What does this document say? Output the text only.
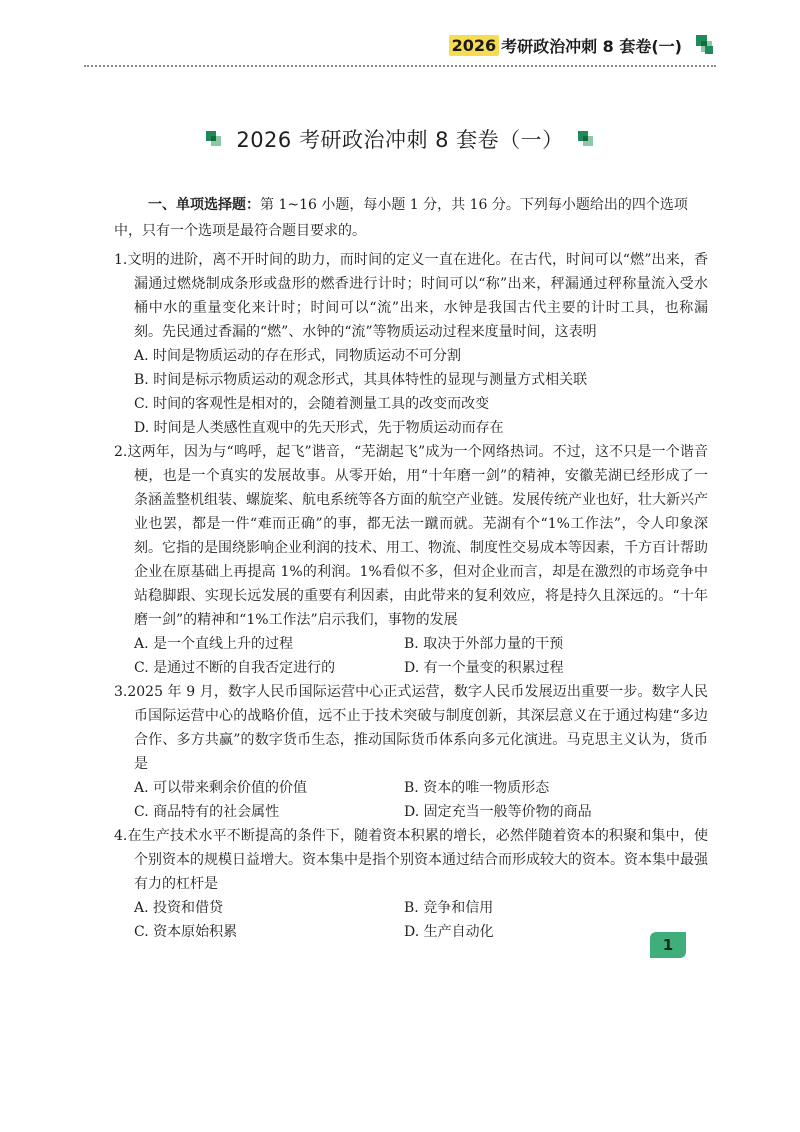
2026 考研政治冲刺 8 套卷(一)
2026 考研政治冲刺 8 套卷（一）

一、单项选择题：第 1~16 小题，每小题 1 分，共 16 分。下列每小题给出的四个选项中，只有一个选项是最符合题目要求的。

1.文明的进阶，离不开时间的助力，而时间的定义一直在进化。在古代，时间可以“燃”出来，香漏通过燃烧制成条形或盘形的燃香进行计时；时间可以“称”出来，秤漏通过秤称量流入受水桶中水的重量变化来计时；时间可以“流”出来，水钟是我国古代主要的计时工具，也称漏刻。先民通过香漏的“燃”、水钟的“流”等物质运动过程来度量时间，这表明

A. 时间是物质运动的存在形式，同物质运动不可分割

B. 时间是标示物质运动的观念形式，其具体特性的显现与测量方式相关联

C. 时间的客观性是相对的，会随着测量工具的改变而改变

D. 时间是人类感性直观中的先天形式，先于物质运动而存在

2.这两年，因为与“鸣呼，起飞”谐音，“芜湖起飞”成为一个网络热词。不过，这不只是一个谐音梗，也是一个真实的发展故事。从零开始，用“十年磨一剑”的精神，安徽芜湖已经形成了一条涵盖整机组装、螺旋桨、航电系统等各方面的航空产业链。发展传统产业也好，壮大新兴产业也罢，都是一件“难而正确”的事，都无法一蹴而就。芜湖有个“1%工作法”，令人印象深刻。它指的是围绕影响企业利润的技术、用工、物流、制度性交易成本等因素，千方百计帮助企业在原基础上再提高 1%的利润。1%看似不多，但对企业而言，却是在激烈的市场竞争中站稳脚跟、实现长远发展的重要有利因素，由此带来的复利效应，将是持久且深远的。“十年磨一剑”的精神和“1%工作法”启示我们，事物的发展

A. 是一个直线上升的过程	B. 取决于外部力量的干预
C. 是通过不断的自我否定进行的	D. 有一个量变的积累过程

3.2025 年 9 月，数字人民币国际运营中心正式运营，数字人民币发展迈出重要一步。数字人民币国际运营中心的战略价值，远不止于技术突破与制度创新，其深层意义在于通过构建“多边合作、多方共赢”的数字货币生态，推动国际货币体系向多元化演进。马克思主义认为，货币是

A. 可以带来剩余价值的价值	B. 资本的唯一物质形态
C. 商品特有的社会属性	D. 固定充当一般等价物的商品

4.在生产技术水平不断提高的条件下，随着资本积累的增长，必然伴随着资本的积聚和集中，使个别资本的规模日益增大。资本集中是指个别资本通过结合而形成较大的资本。资本集中最强有力的杠杆是

A. 投资和借贷	B. 竞争和信用
C. 资本原始积累	D. 生产自动化
1
